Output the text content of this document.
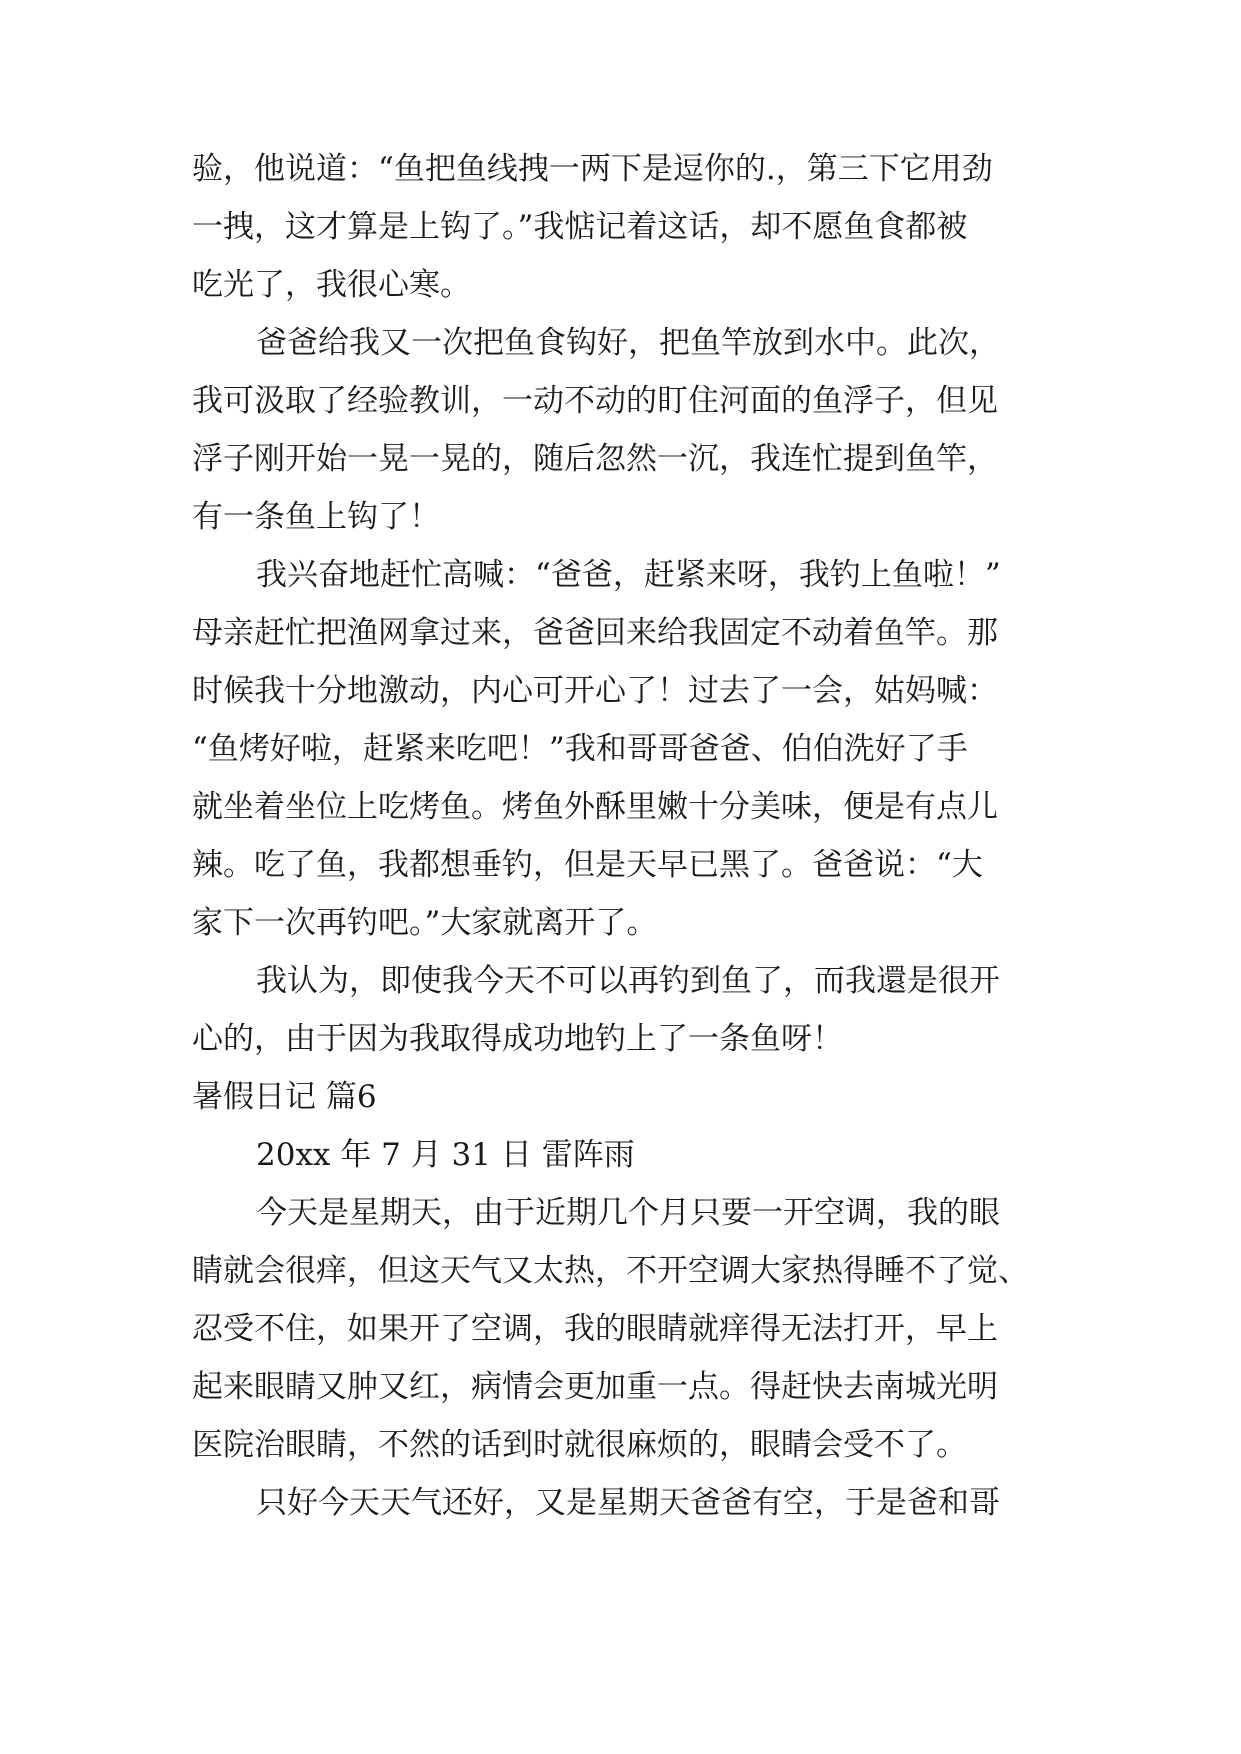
验，他说道：“鱼把鱼线拽一两下是逗你的.，第三下它用劲
一拽，这才算是上钩了。”我惦记着这话，却不愿鱼食都被
吃光了，我很心寒。
爸爸给我又一次把鱼食钩好，把鱼竿放到水中。此次，
我可汲取了经验教训，一动不动的盯住河面的鱼浮子，但见
浮子刚开始一晃一晃的，随后忽然一沉，我连忙提到鱼竿，
有一条鱼上钩了！
我兴奋地赶忙高喊：“爸爸，赶紧来呀，我钓上鱼啦！”
母亲赶忙把渔网拿过来，爸爸回来给我固定不动着鱼竿。那
时候我十分地激动，内心可开心了！过去了一会，姑妈喊：
“鱼烤好啦，赶紧来吃吧！”我和哥哥爸爸、伯伯洗好了手
就坐着坐位上吃烤鱼。烤鱼外酥里嫩十分美味，便是有点儿
辣。吃了鱼，我都想垂钓，但是天早已黑了。爸爸说：“大
家下一次再钓吧。”大家就离开了。
我认为，即使我今天不可以再钓到鱼了，而我還是很开
心的，由于因为我取得成功地钓上了一条鱼呀！
暑假日记 篇6
20xx 年 7 月 31 日 雷阵雨
今天是星期天，由于近期几个月只要一开空调，我的眼
睛就会很痒，但这天气又太热，不开空调大家热得睡不了觉、
忍受不住，如果开了空调，我的眼睛就痒得无法打开，早上
起来眼睛又肿又红，病情会更加重一点。得赶快去南城光明
医院治眼睛，不然的话到时就很麻烦的，眼睛会受不了。
只好今天天气还好，又是星期天爸爸有空，于是爸和哥
